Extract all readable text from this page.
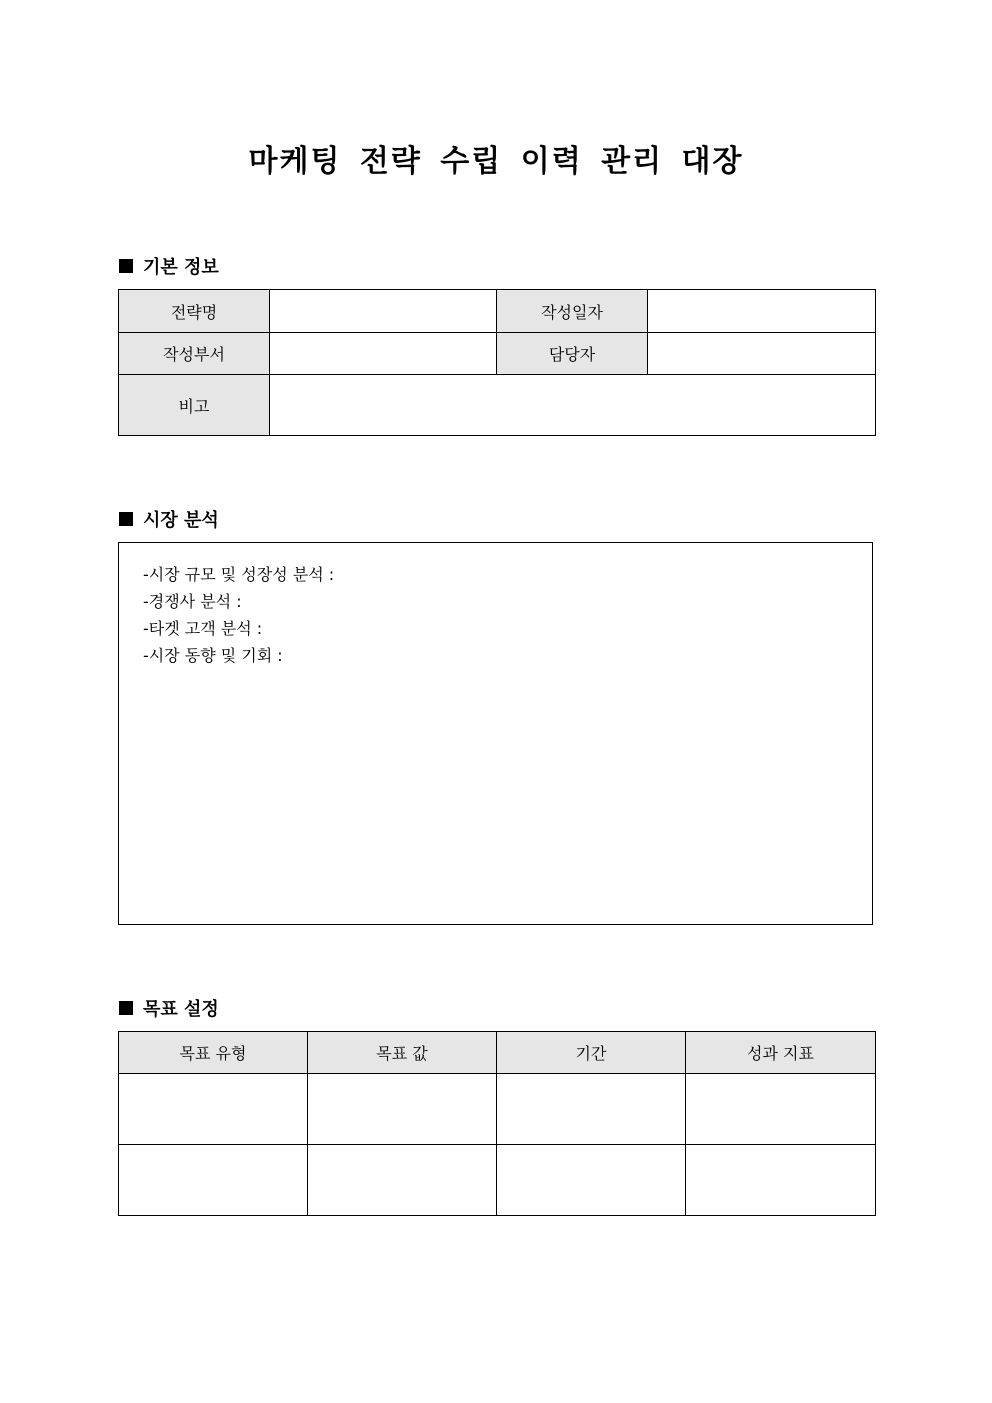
마케팅 전략 수립 이력 관리 대장
기본 정보
전략명		작성일자	
작성부서		담당자	
비고			
시장 분석
-시장 규모 및 성장성 분석 :
-경쟁사 분석 :
-타겟 고객 분석 :
-시장 동향 및 기회 :
목표 설정
목표 유형	목표 값	기간	성과 지표
